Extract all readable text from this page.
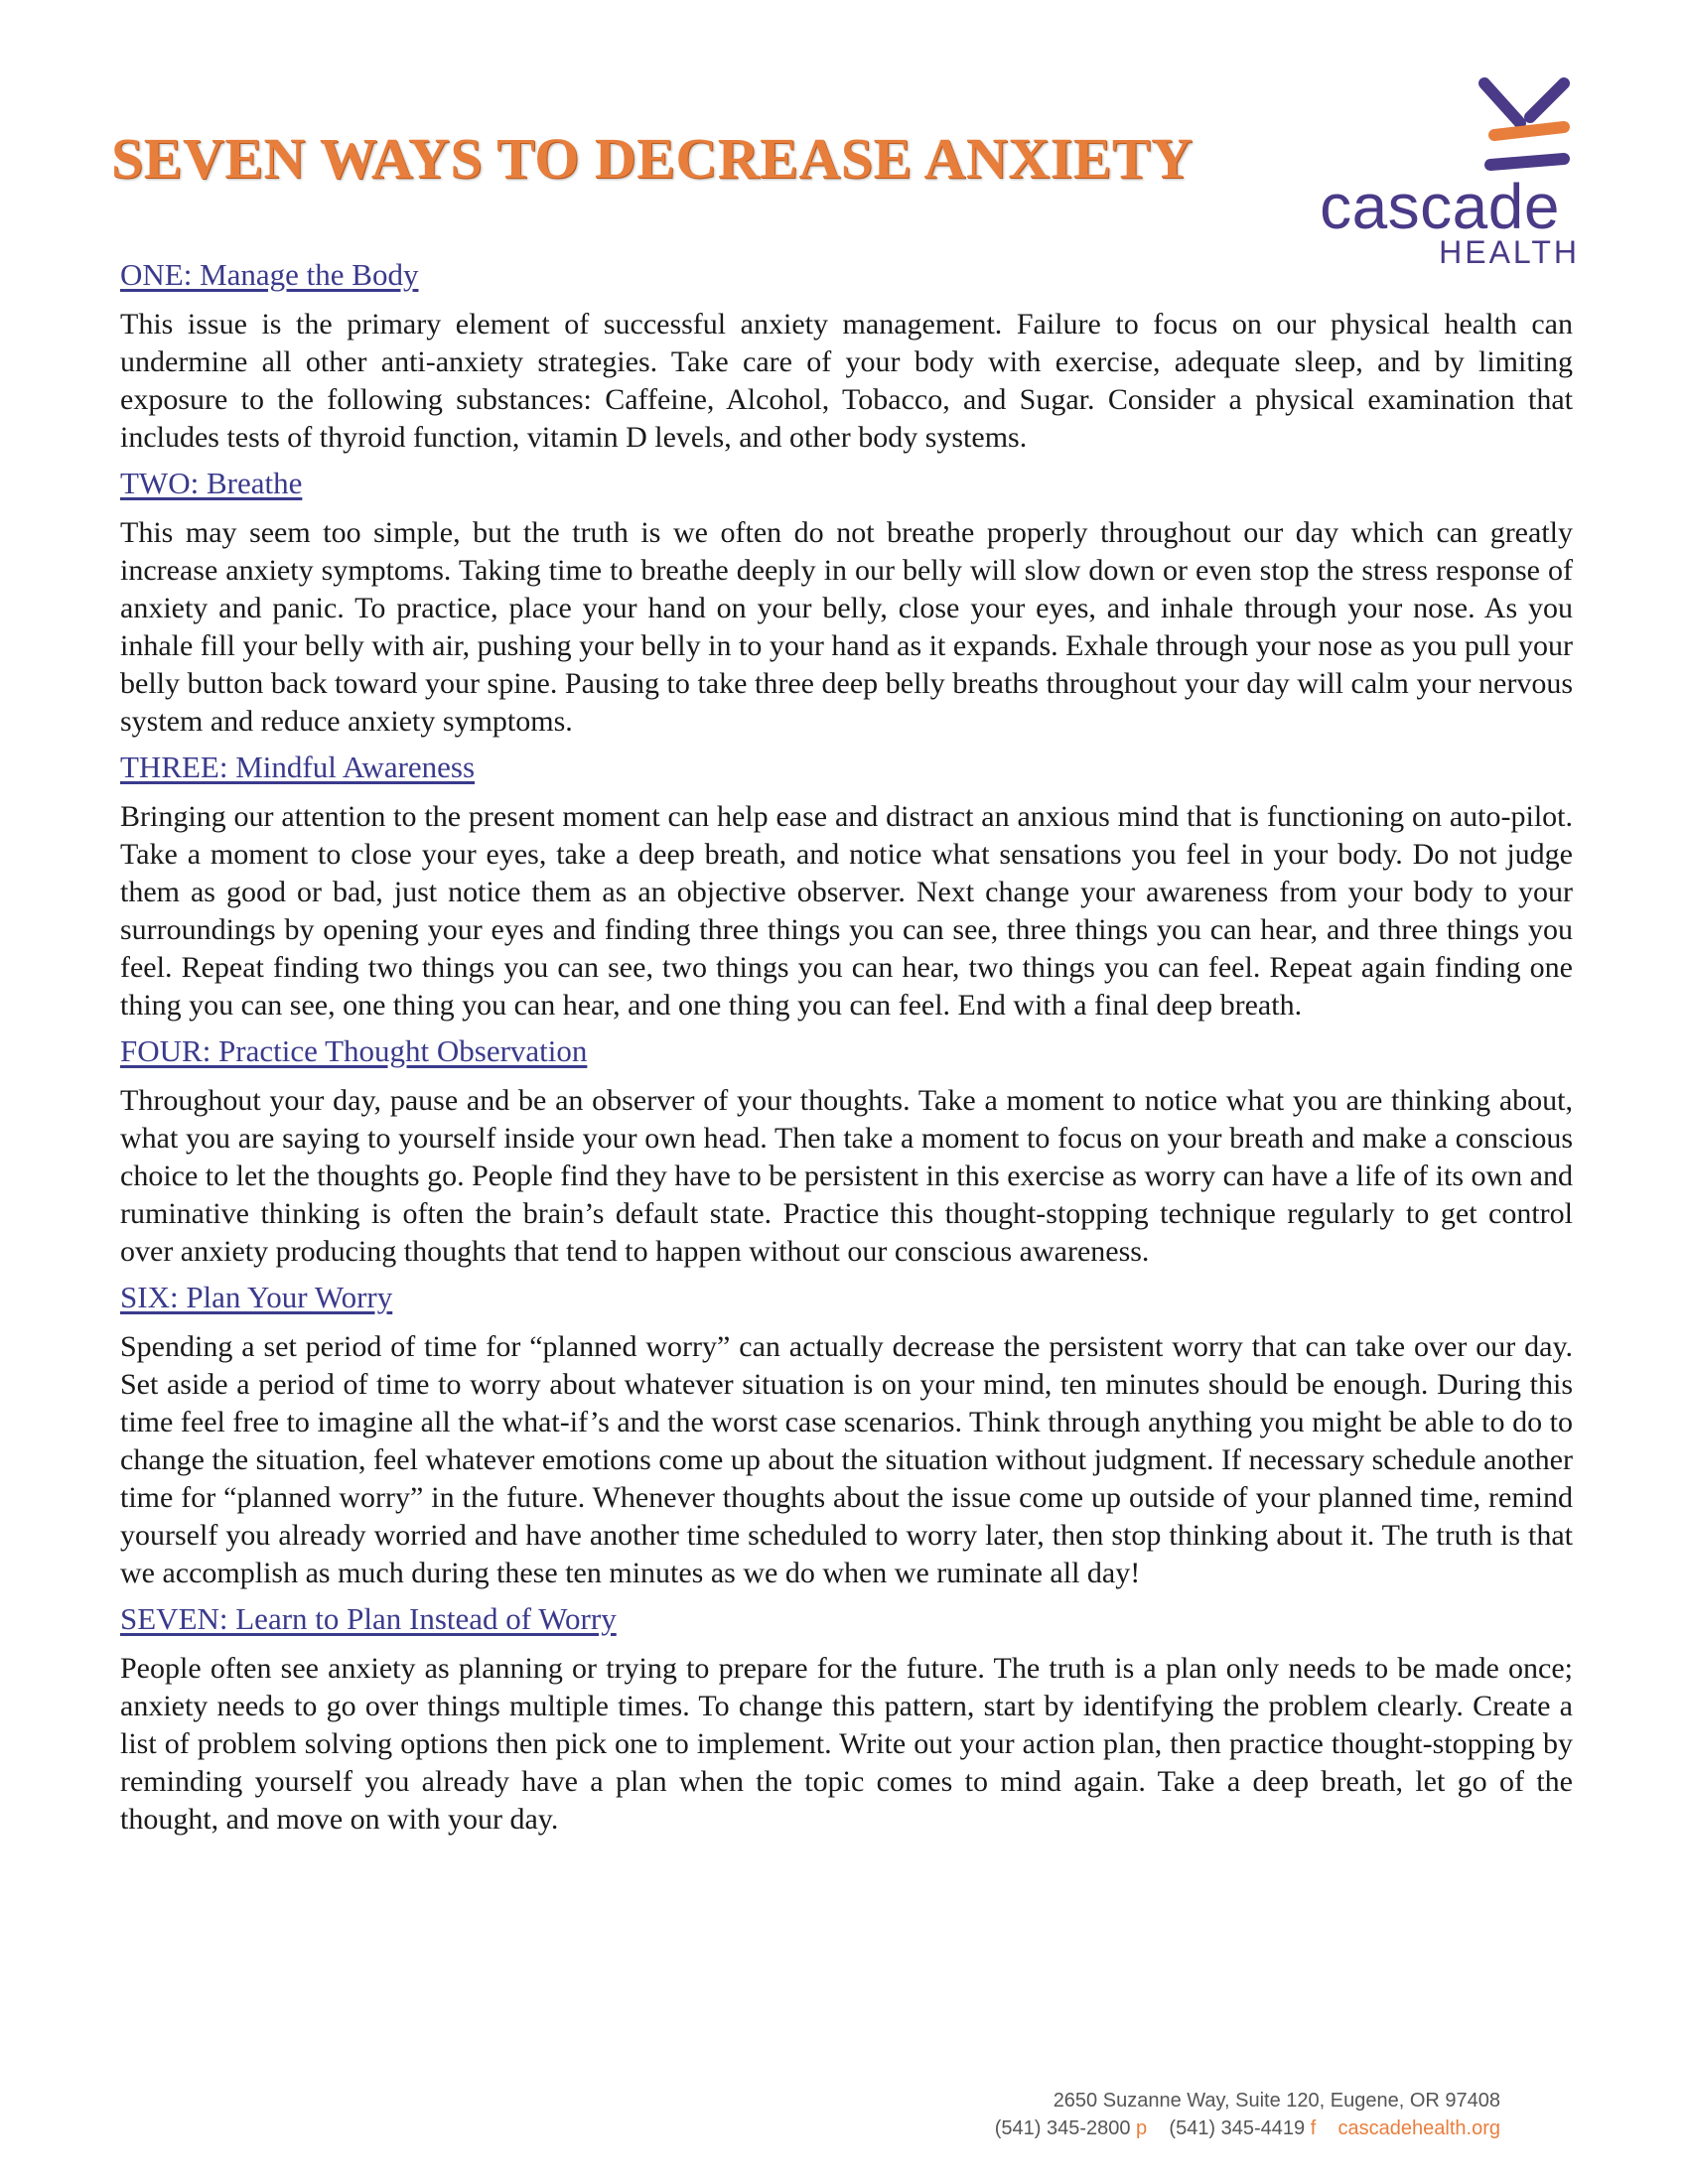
SEVEN WAYS TO DECREASE ANXIETY
cascade
HEALTH
ONE: Manage the Body

This issue is the primary element of successful anxiety management. Failure to focus on our physical health can undermine all other anti-anxiety strategies. Take care of your body with exercise, adequate sleep, and by limiting exposure to the following substances: Caffeine, Alcohol, Tobacco, and Sugar. Consider a physical examination that includes tests of thyroid function, vitamin D levels, and other body systems.

TWO: Breathe

This may seem too simple, but the truth is we often do not breathe properly throughout our day which can greatly increase anxiety symptoms. Taking time to breathe deeply in our belly will slow down or even stop the stress response of anxiety and panic. To practice, place your hand on your belly, close your eyes, and inhale through your nose. As you inhale fill your belly with air, pushing your belly in to your hand as it expands. Exhale through your nose as you pull your belly button back toward your spine. Pausing to take three deep belly breaths throughout your day will calm your nervous system and reduce anxiety symptoms.

THREE: Mindful Awareness

Bringing our attention to the present moment can help ease and distract an anxious mind that is functioning on auto-pilot. Take a moment to close your eyes, take a deep breath, and notice what sensations you feel in your body. Do not judge them as good or bad, just notice them as an objective observer. Next change your awareness from your body to your surroundings by opening your eyes and finding three things you can see, three things you can hear, and three things you feel. Repeat finding two things you can see, two things you can hear, two things you can feel. Repeat again finding one thing you can see, one thing you can hear, and one thing you can feel. End with a final deep breath.

FOUR: Practice Thought Observation

Throughout your day, pause and be an observer of your thoughts. Take a moment to notice what you are thinking about, what you are saying to yourself inside your own head. Then take a moment to focus on your breath and make a conscious choice to let the thoughts go. People find they have to be persistent in this exercise as worry can have a life of its own and ruminative thinking is often the brain’s default state. Practice this thought-stopping technique regularly to get control over anxiety producing thoughts that tend to happen without our conscious awareness.

SIX: Plan Your Worry

Spending a set period of time for “planned worry” can actually decrease the persistent worry that can take over our day. Set aside a period of time to worry about whatever situation is on your mind, ten minutes should be enough. During this time feel free to imagine all the what-if’s and the worst case scenarios. Think through anything you might be able to do to change the situation, feel whatever emotions come up about the situation without judgment. If necessary schedule another time for “planned worry” in the future. Whenever thoughts about the issue come up outside of your planned time, remind yourself you already worried and have another time scheduled to worry later, then stop thinking about it. The truth is that we accomplish as much during these ten minutes as we do when we ruminate all day!

SEVEN: Learn to Plan Instead of Worry

People often see anxiety as planning or trying to prepare for the future. The truth is a plan only needs to be made once; anxiety needs to go over things multiple times. To change this pattern, start by identifying the problem clearly. Create a list of problem solving options then pick one to implement. Write out your action plan, then practice thought-stopping by reminding yourself you already have a plan when the topic comes to mind again. Take a deep breath, let go of the thought, and move on with your day.

2650 Suzanne Way, Suite 120, Eugene, OR 97408
(541) 345-2800 p (541) 345-4419 f cascadehealth.org
